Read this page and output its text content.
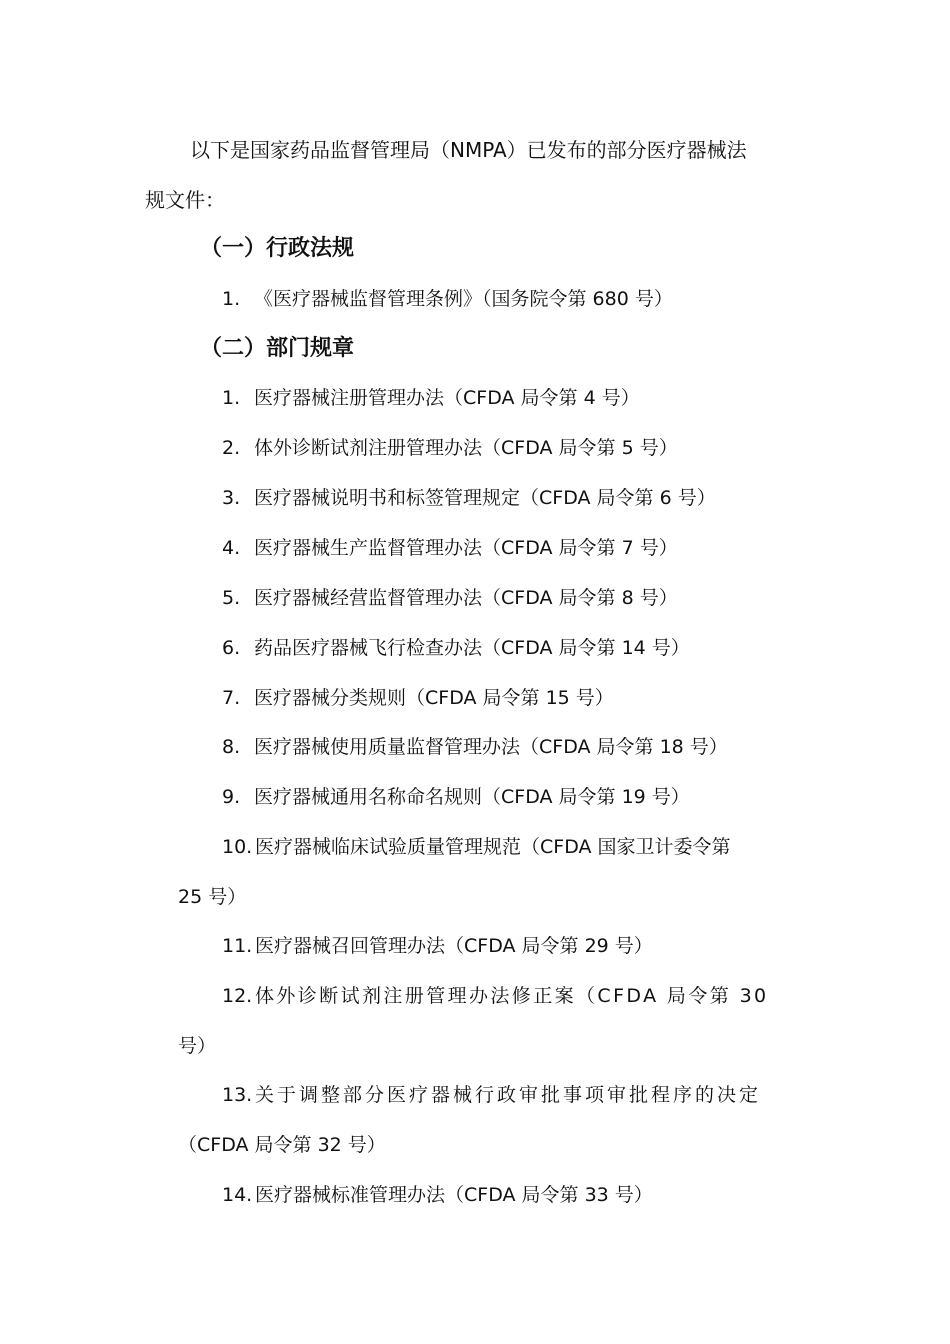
以下是国家药品监督管理局（NMPA）已发布的部分医疗器械法
规文件：
（一）行政法规
1. 《医疗器械监督管理条例》（国务院令第 680 号）
（二）部门规章
1. 医疗器械注册管理办法（CFDA 局令第 4 号）
2. 体外诊断试剂注册管理办法（CFDA 局令第 5 号）
3. 医疗器械说明书和标签管理规定（CFDA 局令第 6 号）
4. 医疗器械生产监督管理办法（CFDA 局令第 7 号）
5. 医疗器械经营监督管理办法（CFDA 局令第 8 号）
6. 药品医疗器械飞行检查办法（CFDA 局令第 14 号）
7. 医疗器械分类规则（CFDA 局令第 15 号）
8. 医疗器械使用质量监督管理办法（CFDA 局令第 18 号）
9. 医疗器械通用名称命名规则（CFDA 局令第 19 号）
10. 医疗器械临床试验质量管理规范（CFDA 国家卫计委令第
25 号）
11. 医疗器械召回管理办法（CFDA 局令第 29 号）
12. 体外诊断试剂注册管理办法修正案（CFDA 局令第 30
号）
13. 关于调整部分医疗器械行政审批事项审批程序的决定
（CFDA 局令第 32 号）
14. 医疗器械标准管理办法（CFDA 局令第 33 号）
